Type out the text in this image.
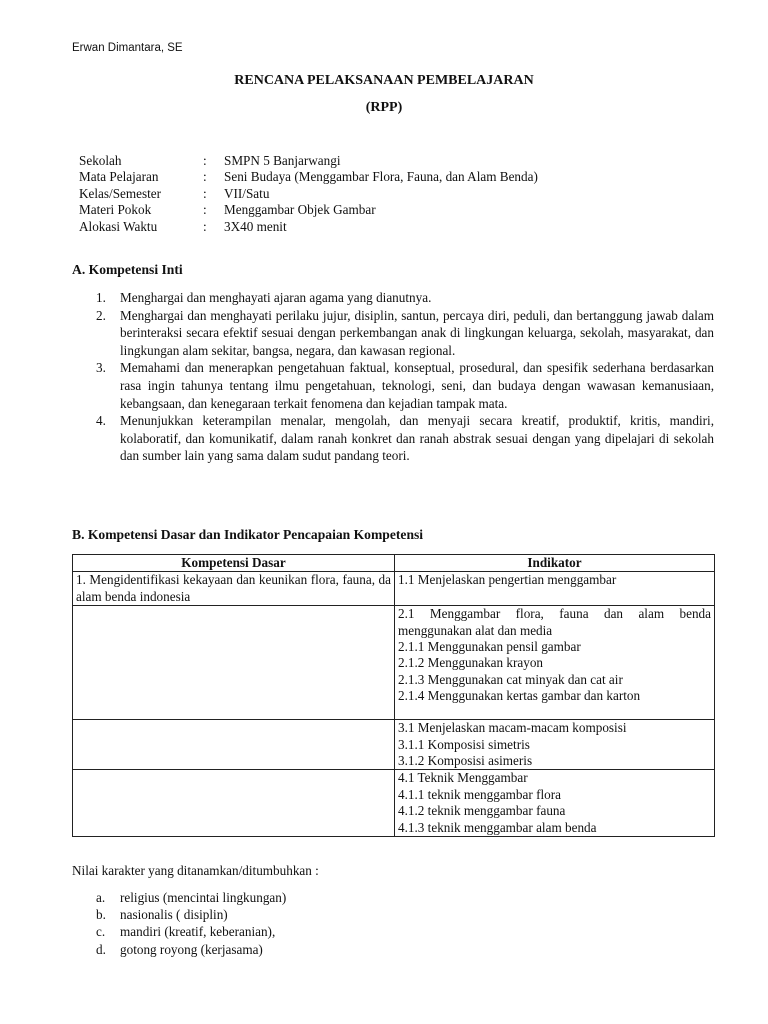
Erwan Dimantara, SE
RENCANA PELAKSANAAN PEMBELAJARAN
(RPP)
Sekolah	:	SMPN 5 Banjarwangi
Mata Pelajaran	:	Seni Budaya (Menggambar Flora, Fauna, dan Alam Benda)
Kelas/Semester	:	VII/Satu
Materi Pokok	:	Menggambar Objek Gambar
Alokasi Waktu	:	3X40 menit
A. Kompetensi Inti
1.	Menghargai dan menghayati ajaran agama yang dianutnya.
2.	Menghargai dan menghayati perilaku jujur, disiplin, santun, percaya diri, peduli, dan bertanggung jawab dalam berinteraksi secara efektif sesuai dengan perkembangan anak di lingkungan keluarga, sekolah, masyarakat, dan lingkungan alam sekitar, bangsa, negara, dan kawasan regional.
3.	Memahami dan menerapkan pengetahuan faktual, konseptual, prosedural, dan spesifik sederhana berdasarkan rasa ingin tahunya tentang ilmu pengetahuan, teknologi, seni, dan budaya dengan wawasan kemanusiaan, kebangsaan, dan kenegaraan terkait fenomena dan kejadian tampak mata.
4.	Menunjukkan keterampilan menalar, mengolah, dan menyaji secara kreatif, produktif, kritis, mandiri, kolaboratif, dan komunikatif, dalam ranah konkret dan ranah abstrak sesuai dengan yang dipelajari di sekolah dan sumber lain yang sama dalam sudut pandang teori.
B. Kompetensi Dasar dan Indikator Pencapaian Kompetensi
Kompetensi Dasar	Indikator
1. Mengidentifikasi kekayaan dan keunikan flora, fauna, da alam benda indonesia	1.1 Menjelaskan pengertian menggambar

	2.1 Menggambar flora, fauna dan alam benda menggunakan alat dan media
2.1.1 Menggunakan pensil gambar
2.1.2 Menggunakan krayon
2.1.3 Menggunakan cat minyak dan cat air
2.1.4 Menggunakan kertas gambar dan karton

	3.1 Menjelaskan macam-macam komposisi
3.1.1 Komposisi simetris
3.1.2 Komposisi asimeris

	4.1 Teknik Menggambar
4.1.1 teknik menggambar flora
4.1.2 teknik menggambar fauna
4.1.3 teknik menggambar alam benda
Nilai karakter yang ditanamkan/ditumbuhkan :
a.	religius (mencintai lingkungan)
b.	nasionalis ( disiplin)
c.	mandiri (kreatif, keberanian),
d.	gotong royong (kerjasama)
